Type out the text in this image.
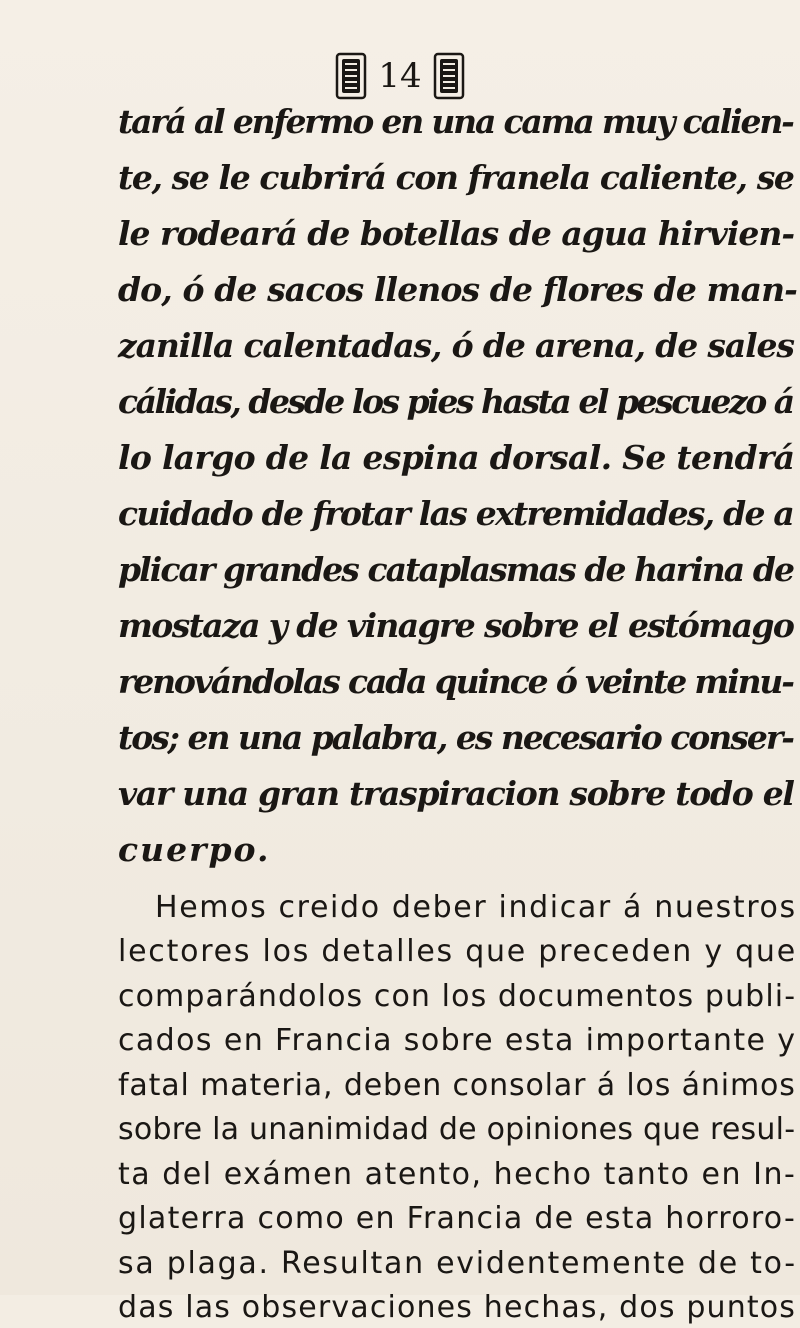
14
tará al enfermo en una cama muy calien-
te, se le cubrirá con franela caliente, se
le rodeará de botellas de agua hirvien-
do, ó de sacos llenos de flores de man-
zanilla calentadas, ó de arena, de sales
cálidas, desde los pies hasta el pescuezo á
lo largo de la espina dorsal. Se tendrá
cuidado de frotar las extremidades, de a
plicar grandes cataplasmas de harina de
mostaza y de vinagre sobre el estómago
renovándolas cada quince ó veinte minu-
tos; en una palabra, es necesario conser-
var una gran traspiracion sobre todo el
cuerpo.
Hemos creido deber indicar á nuestros
lectores los detalles que preceden y que
comparándolos con los documentos publi-
cados en Francia sobre esta importante y
fatal materia, deben consolar á los ánimos
sobre la unanimidad de opiniones que resul-
ta del exámen atento, hecho tanto en In-
glaterra como en Francia de esta horroro-
sa plaga. Resultan evidentemente de to-
das las observaciones hechas, dos puntos
